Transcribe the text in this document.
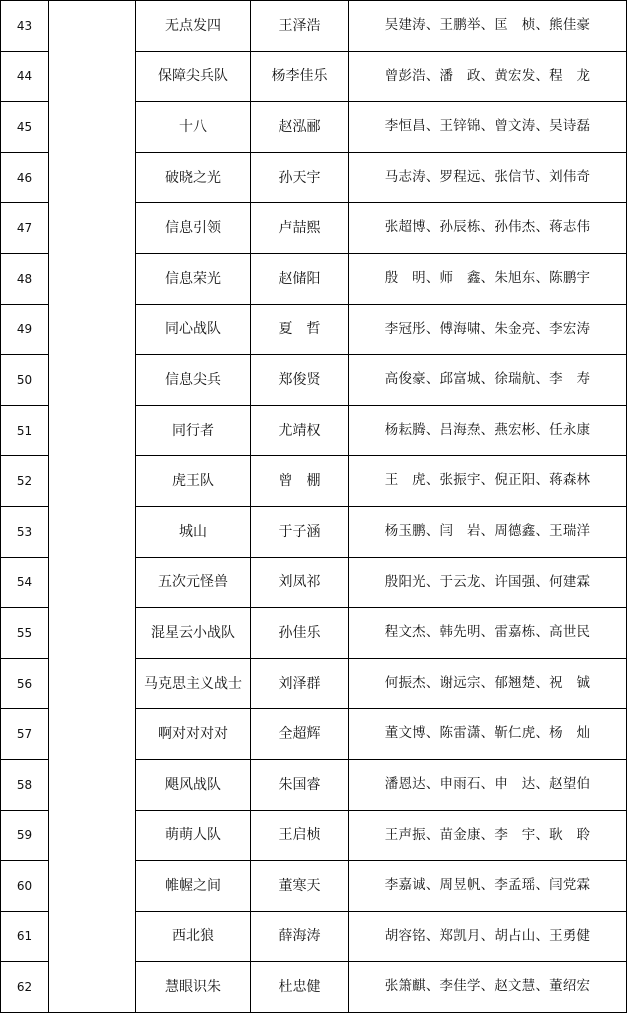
43		无点发四	王泽浩	吴建涛、王鹏举、匡　桢、熊佳豪
44		保障尖兵队	杨李佳乐	曾彭浩、潘　政、黄宏发、程　龙
45		十八	赵泓郦	李恒昌、王锌锦、曾文涛、吴诗磊
46		破晓之光	孙天宇	马志涛、罗程远、张信节、刘伟奇
47		信息引领	卢喆熙	张超博、孙辰栋、孙伟杰、蒋志伟
48		信息荣光	赵储阳	殷　明、师　鑫、朱旭东、陈鹏宇
49		同心战队	夏　哲	李冠彤、傅海啸、朱金亮、李宏涛
50		信息尖兵	郑俊贤	高俊豪、邱富城、徐瑞航、李　寿
51		同行者	尤靖权	杨耘腾、吕海焘、燕宏彬、任永康
52		虎王队	曾　棚	王　虎、张振宇、倪正阳、蒋森林
53		城山	于子涵	杨玉鹏、闫　岩、周德鑫、王瑞洋
54		五次元怪兽	刘凤祁	殷阳光、于云龙、许国强、何建霖
55		混星云小战队	孙佳乐	程文杰、韩先明、雷嘉栋、高世民
56		马克思主义战士	刘泽群	何振杰、谢远宗、郁翘楚、祝　铖
57		啊对对对对	全超辉	董文博、陈雷潇、靳仁虎、杨　灿
58		飓风战队	朱国睿	潘恩达、申雨石、申　达、赵望伯
59		萌萌人队	王启桢	王声振、苗金康、李　宇、耿　聆
60		帷幄之间	董寒天	李嘉诚、周昱帆、李孟瑶、闫党霖
61		西北狼	薛海涛	胡容铭、郑凯月、胡占山、王勇健
62		慧眼识朱	杜忠健	张箫麒、李佳学、赵文慧、董绍宏
